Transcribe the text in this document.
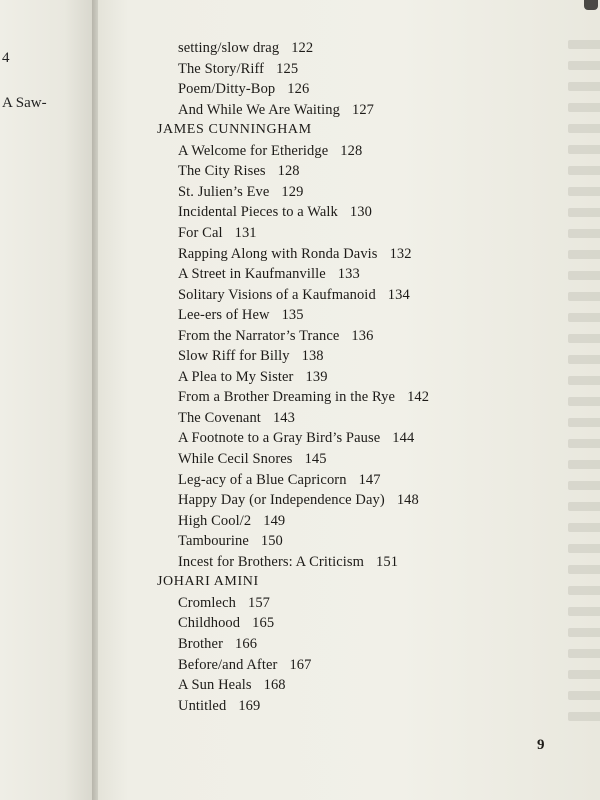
4
A Saw-
setting/slow drag 122
The Story/Riff 125
Poem/Ditty-Bop 126
And While We Are Waiting 127
JAMES CUNNINGHAM
A Welcome for Etheridge 128
The City Rises 128
St. Julien’s Eve 129
Incidental Pieces to a Walk 130
For Cal 131
Rapping Along with Ronda Davis 132
A Street in Kaufmanville 133
Solitary Visions of a Kaufmanoid 134
Lee-ers of Hew 135
From the Narrator’s Trance 136
Slow Riff for Billy 138
A Plea to My Sister 139
From a Brother Dreaming in the Rye 142
The Covenant 143
A Footnote to a Gray Bird’s Pause 144
While Cecil Snores 145
Leg-acy of a Blue Capricorn 147
Happy Day (or Independence Day) 148
High Cool/2 149
Tambourine 150
Incest for Brothers: A Criticism 151
JOHARI AMINI
Cromlech 157
Childhood 165
Brother 166
Before/and After 167
A Sun Heals 168
Untitled 169
9
